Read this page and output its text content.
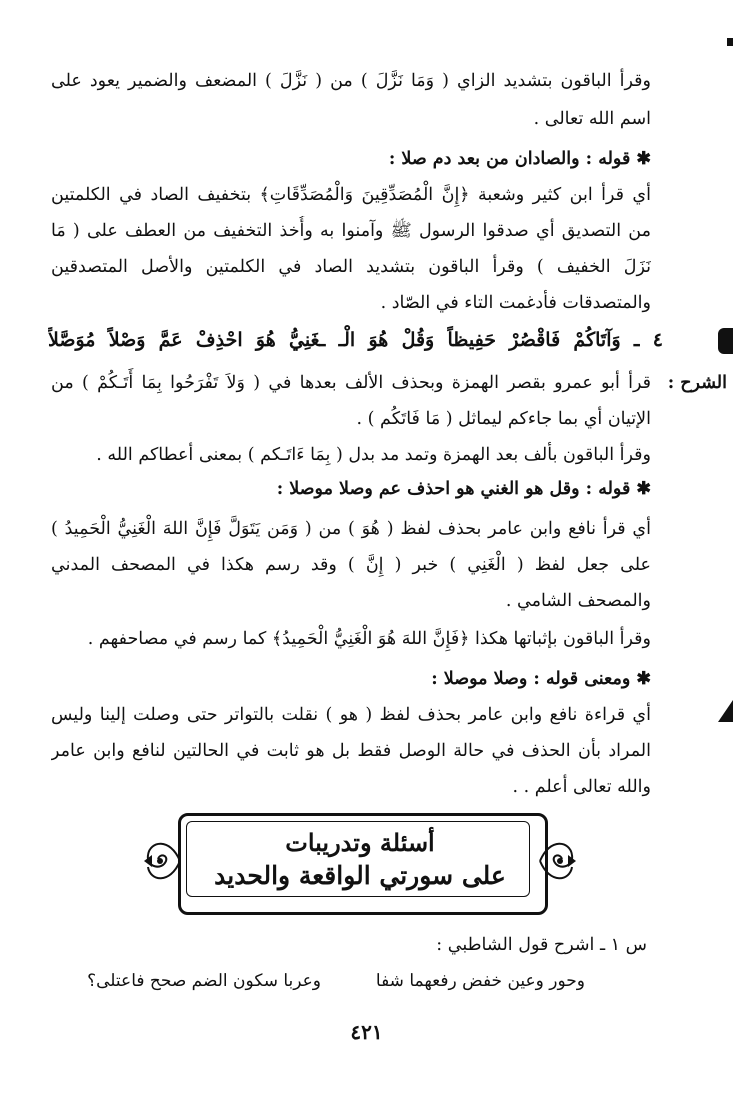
وقرأ الباقون بتشديد الزاي ( وَمَا نَزَّلَ ) من ( نَزَّلَ ) المضعف والضمير يعود على
اسم الله تعالى .
✱قوله : والصادان من بعد دم صلا :
أي قرأ ابن كثير وشعبة ﴿إِنَّ الْمُصَدِّقِينَ وَالْمُصَدِّقَاتِ﴾ بتخفيف الصاد في الكلمتين
من التصديق أي صدقوا الرسول ﷺ وآمنوا به وأُخذ التخفيف من العطف على ( مَا
نَزَلَ الخفيف ) وقرأ الباقون بتشديد الصاد في الكلمتين والأصل المتصدقين
والمتصدقات فأدغمت التاء في الصّاد .
٤ ـ وَآتَاكُمْ فَاقْصُرْ حَفِيظاً وَقُلْ هُوَ الْـ ـغَنِيُّ هُوَ احْذِفْ عَمَّ وَصْلاً مُوَصَّلاً
الشرح :
قرأ أبو عمرو بقصر الهمزة وبحذف الألف بعدها في ( وَلاَ تَفْرَحُوا بِمَا أَتَـكُمْ ) من
الإتيان أي بما جاءكم ليماثل ( مَا فَاتَكُم ) .
وقرأ الباقون بألف بعد الهمزة وتمد مد بدل ( بِمَا ءَاتَـكم ) بمعنى أعطاكم الله .
✱قوله : وقل هو الغني هو احذف عم وصلا موصلا :
أي قرأ نافع وابن عامر بحذف لفظ ( هُوَ ) من ( وَمَن يَتَوَلَّ فَإِنَّ اللهَ الْغَنِيُّ الْحَمِيدُ )
على جعل لفظ ( الْغَنِي ) خبر ( إِنَّ ) وقد رسم هكذا في المصحف المدني
والمصحف الشامي .
وقرأ الباقون بإثباتها هكذا ﴿فَإِنَّ اللهَ هُوَ الْغَنِيُّ الْحَمِيدُ﴾ كما رسم في مصاحفهم .
✱ومعنى قوله : وصلا موصلا :
أي قراءة نافع وابن عامر بحذف لفظ ( هو ) نقلت بالتواتر حتى وصلت إلينا وليس
المراد بأن الحذف في حالة الوصل فقط بل هو ثابت في الحالتين لنافع وابن عامر
والله تعالى أعلم . .
أسئلة وتدريبات
على سورتي الواقعة والحديد
س ١ ـ اشرح قول الشاطبي :
وحور وعين خفض رفعهما شفا
وعربا سكون الضم صحح فاعتلى؟
٤٢١
